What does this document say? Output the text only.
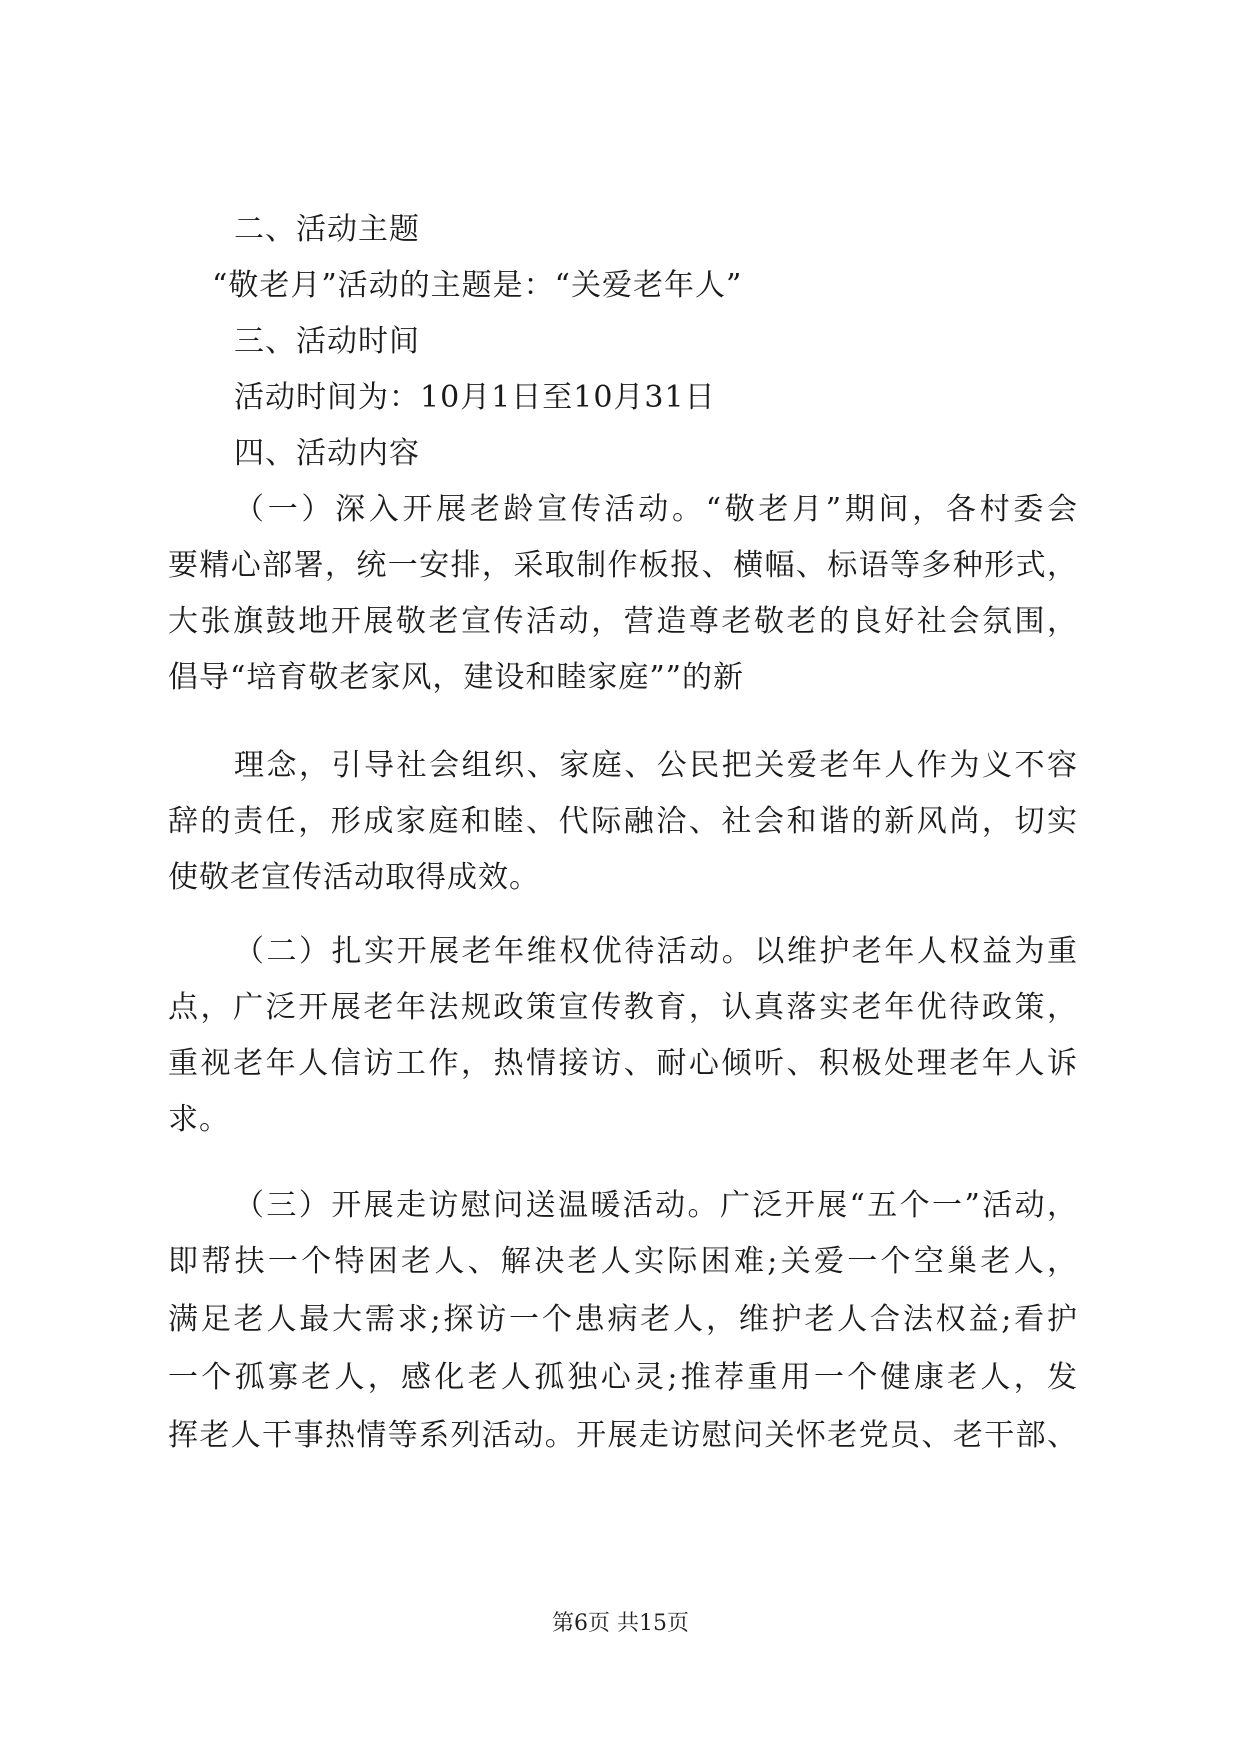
二、活动主题
“敬老月”活动的主题是：“关爱老年人”
三、活动时间
活动时间为：10月1日至10月31日
四、活动内容
（一）深入开展老龄宣传活动。“敬老月”期间，各村委会
要精心部署，统一安排，采取制作板报、横幅、标语等多种形式，
大张旗鼓地开展敬老宣传活动，营造尊老敬老的良好社会氛围，
倡导“培育敬老家风，建设和睦家庭””的新
理念，引导社会组织、家庭、公民把关爱老年人作为义不容
辞的责任，形成家庭和睦、代际融洽、社会和谐的新风尚，切实
使敬老宣传活动取得成效。
（二）扎实开展老年维权优待活动。以维护老年人权益为重
点，广泛开展老年法规政策宣传教育，认真落实老年优待政策，
重视老年人信访工作，热情接访、耐心倾听、积极处理老年人诉
求。
（三）开展走访慰问送温暖活动。广泛开展“五个一”活动，
即帮扶一个特困老人、解决老人实际困难;关爱一个空巢老人，
满足老人最大需求;探访一个患病老人，维护老人合法权益;看护
一个孤寡老人，感化老人孤独心灵;推荐重用一个健康老人，发
挥老人干事热情等系列活动。开展走访慰问关怀老党员、老干部、
第6页 共15页
